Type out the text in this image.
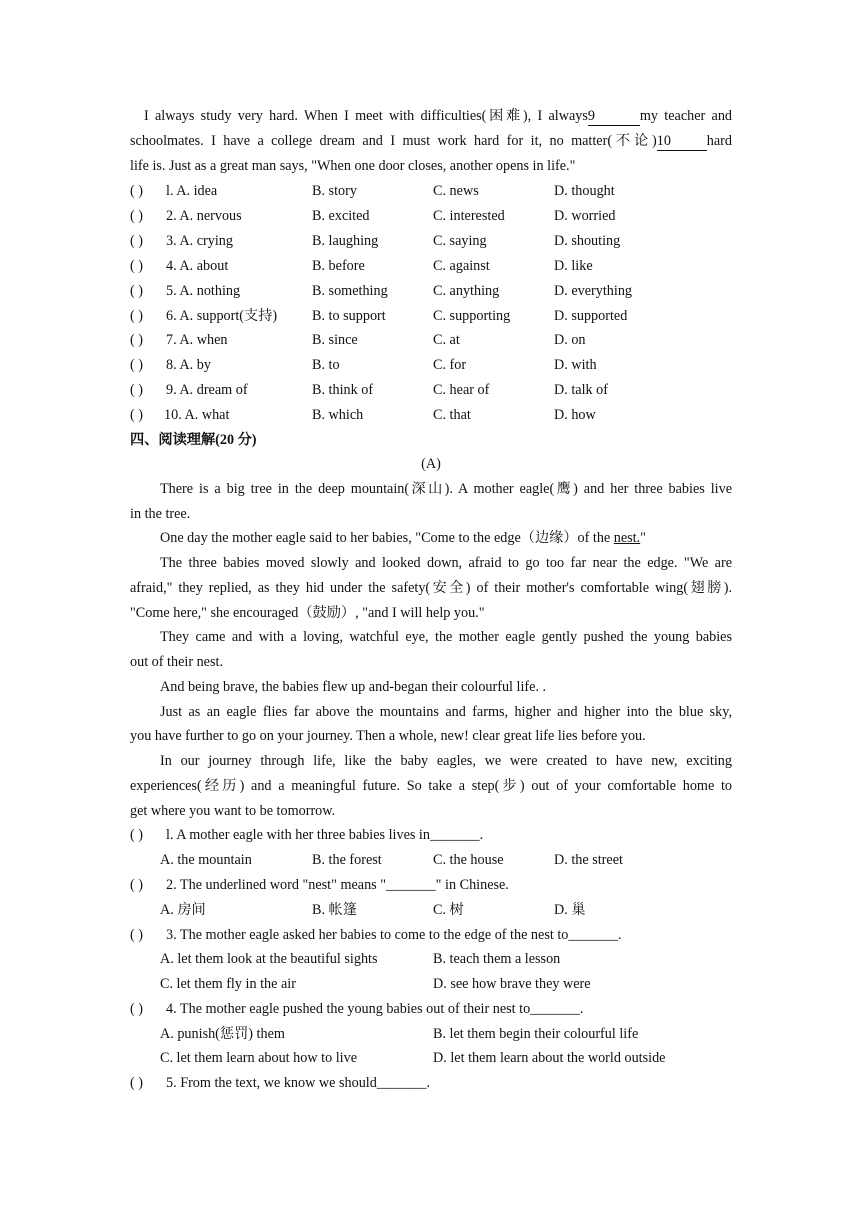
I always study very hard. When I meet with difficulties(困难), I always9	my teacher and
schoolmates. I have a college dream and I must work hard for it, no matter(不论)10	hard
life is. Just as a great man says, "When one door closes, another opens in life."
( ) l. A. idea	B. story	C. news	D. thought
( ) 2. A. nervous	B. excited	C. interested	D. worried
( ) 3. A. crying	B. laughing	C. saying	D. shouting
( ) 4. A. about	B. before	C. against	D. like
( ) 5. A. nothing	B. something	C. anything	D. everything
( ) 6. A. support(支持) B. to support	C. supporting	D. supported
( ) 7. A. when	B. since	C. at	D. on
( ) 8. A. by	B. to	C. for	D. with
( ) 9. A. dream of	B. think of	C. hear of	D. talk of
( ) 10. A. what	B. which	C. that	D. how
四、阅读理解(20 分)
(A)
There is a big tree in the deep mountain(深山). A mother eagle(鹰) and her three babies live
in the tree.
One day the mother eagle said to her babies, "Come to the edge（边缘）of the nest."
The three babies moved slowly and looked down, afraid to go too far near the edge. "We are
afraid," they replied, as they hid under the safety(安全) of their mother's comfortable wing(翅膀).
"Come here," she encouraged（鼓励）, "and I will help you."
They came and with a loving, watchful eye, the mother eagle gently pushed the young babies
out of their nest.
And being brave, the babies flew up and-began their colourful life. .
Just as an eagle flies far above the mountains and farms, higher and higher into the blue sky,
you have further to go on your journey. Then a whole, new! clear great life lies before you.
In our journey through life, like the baby eagles, we were created to have new, exciting
experiences(经历) and a meaningful future. So take a step(步) out of your comfortable home to
get where you want to be tomorrow.
( ) l. A mother eagle with her three babies lives in_______.
A. the mountain	B. the forest	C. the house	D. the street
( ) 2. The underlined word "nest" means "_______" in Chinese.
A. 房间	B. 帐篷	C. 树	D. 巢
( ) 3. The mother eagle asked her babies to come to the edge of the nest to_______.
A. let them look at the beautiful sights	B. teach them a lesson
C. let them fly in the air	D. see how brave they were
( ) 4. The mother eagle pushed the young babies out of their nest to_______.
A. punish(惩罚) them	B. let them begin their colourful life
C. let them learn about how to live	D. let them learn about the world outside
( ) 5. From the text, we know we should_______.
